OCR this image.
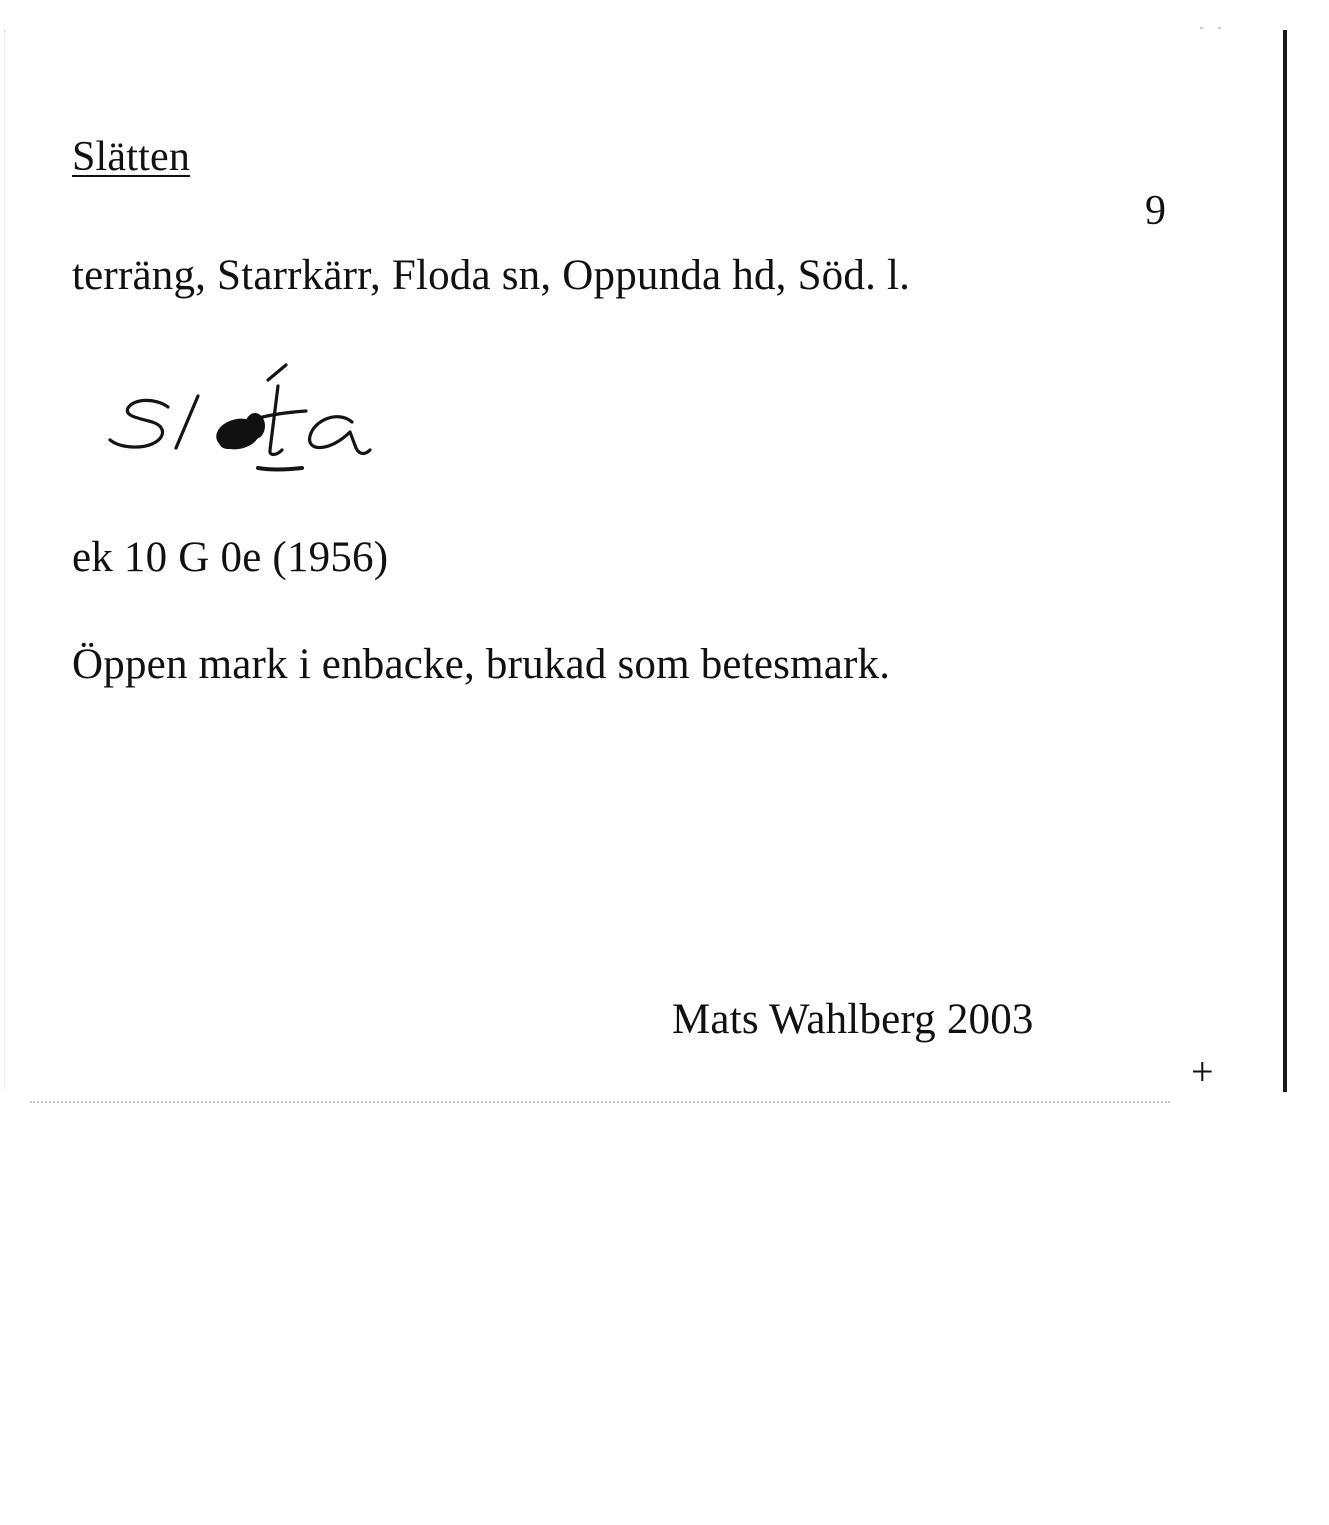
Slätten
9
terräng, Starrkärr, Floda sn, Oppunda hd, Söd. l.
ek 10 G 0e (1956)
Öppen mark i enbacke, brukad som betesmark.
Mats Wahlberg 2003
+
